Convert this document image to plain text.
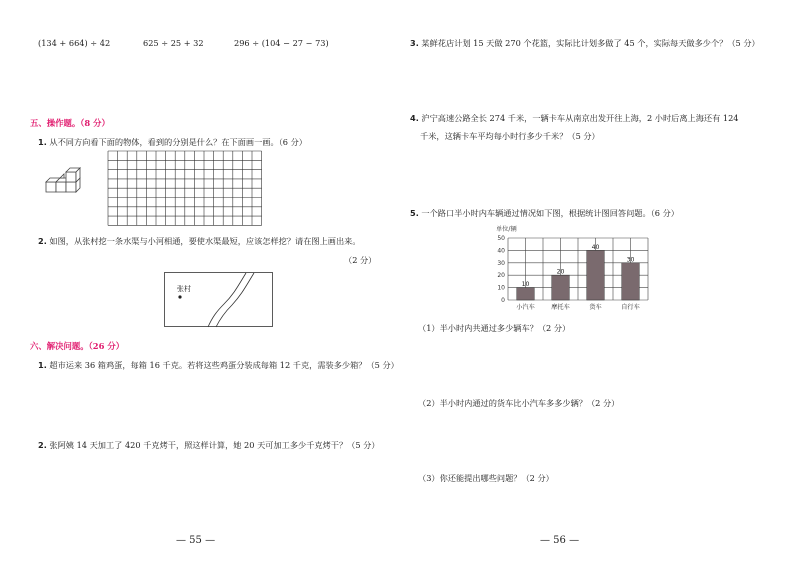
(134 + 664) ÷ 42	625 ÷ 25 + 32	296 ÷ (104 − 27 − 73)
五、操作题。（8 分）
1. 从不同方向看下面的物体，看到的分别是什么？在下面画一画。（6 分）
2. 如图，从张村挖一条水渠与小河相通，要使水渠最短，应该怎样挖？请在图上画出来。
（2 分）
张村
六、解决问题。（26 分）
1. 超市运来 36 箱鸡蛋，每箱 16 千克。若将这些鸡蛋分装成每箱 12 千克，需装多少箱？（5 分）
2. 张阿姨 14 天加工了 420 千克烤干，照这样计算，她 20 天可加工多少千克烤干？（5 分）
— 55 —
3. 某鲜花店计划 15 天做 270 个花篮，实际比计划多做了 45 个，实际每天做多少个？（5 分）
4. 沪宁高速公路全长 274 千米，一辆卡车从南京出发开往上海，2 小时后离上海还有 124
千米，这辆卡车平均每小时行多少千米？（5 分）
5. 一个路口半小时内车辆通过情况如下图，根据统计图回答问题。（6 分）
单位/辆
0
10
20
30
40
50
10
小汽车
20
摩托车
40
货车
30
自行车
（1）半小时内共通过多少辆车？（2 分）
（2）半小时内通过的货车比小汽车多多少辆？（2 分）
（3）你还能提出哪些问题？（2 分）
— 56 —
